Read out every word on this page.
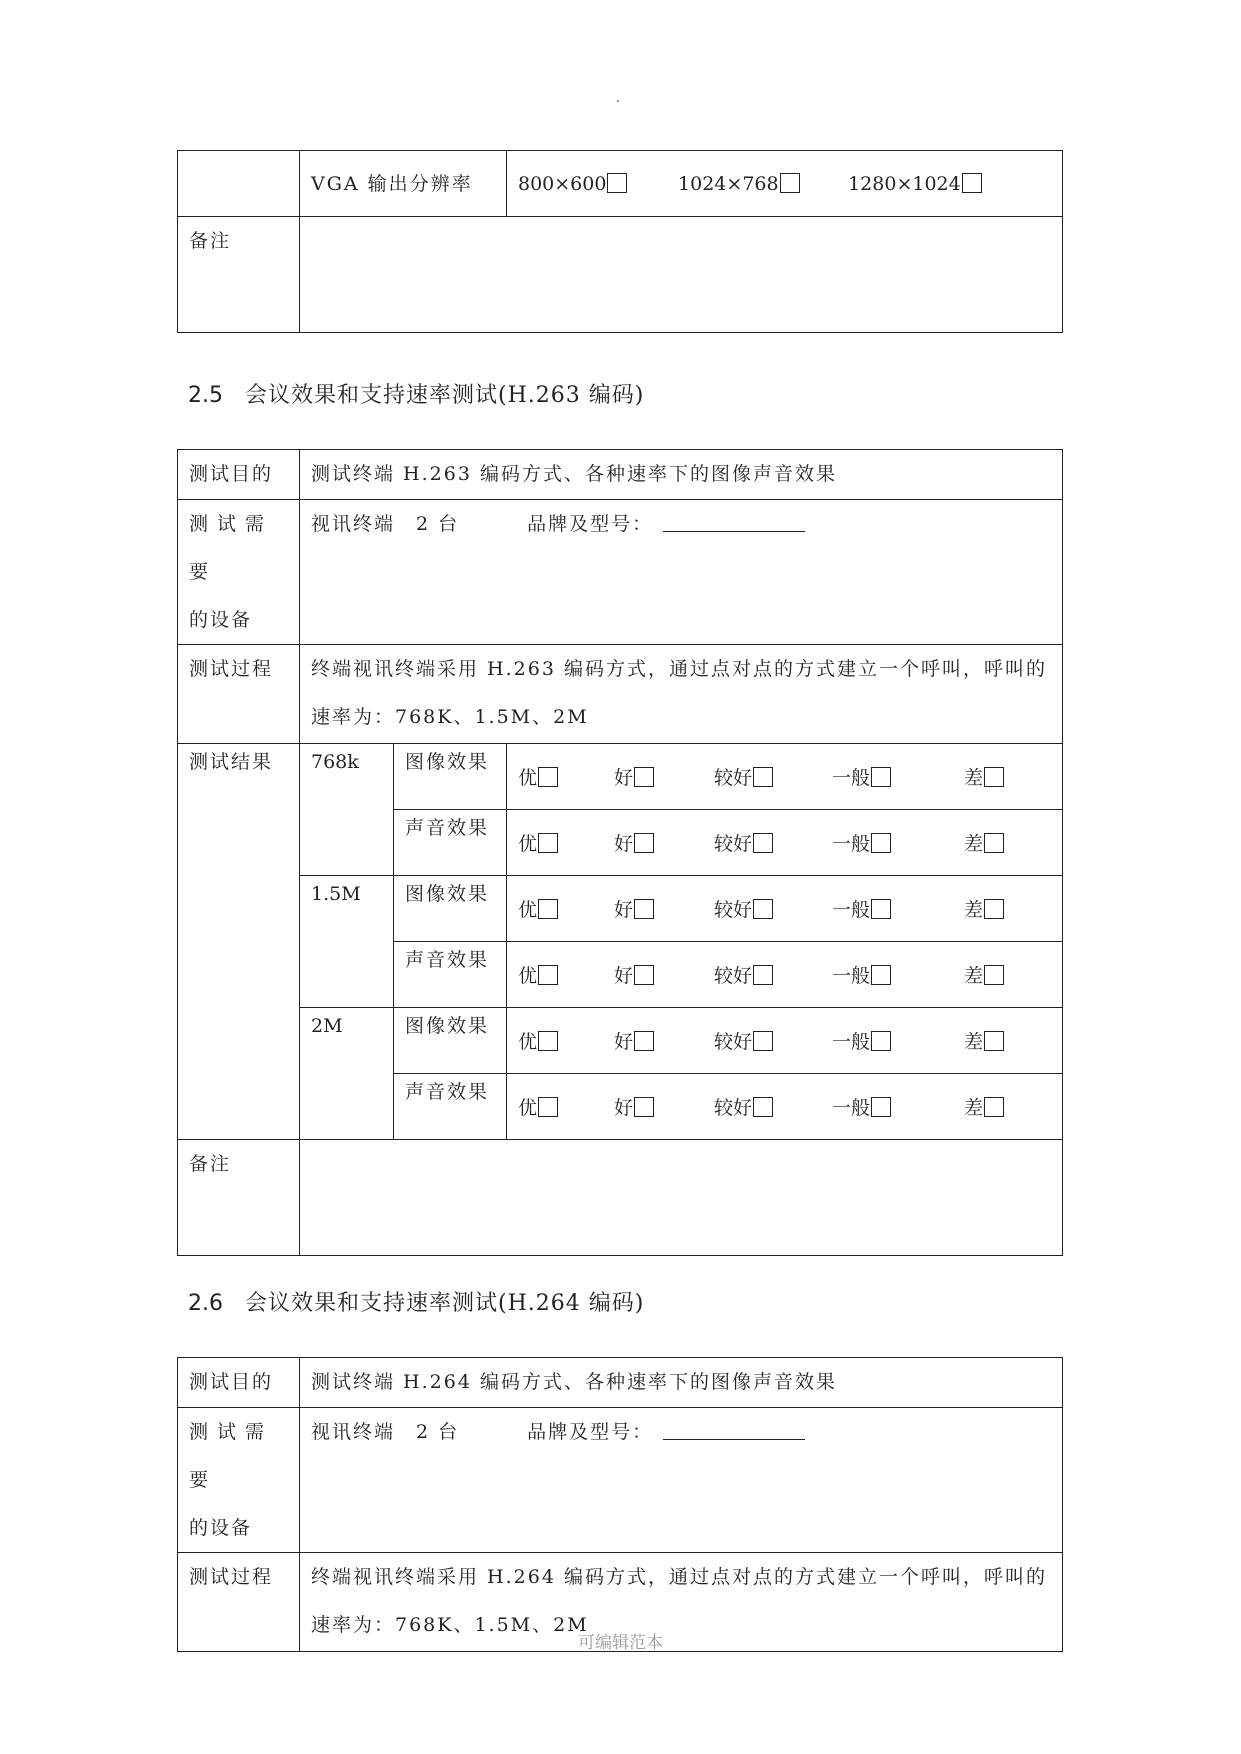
	VGA 输出分辨率	800×600 1024×768 1280×1024
备注		
2.5 会议效果和支持速率测试(H.263 编码)
测试目的	测试终端 H.263 编码方式、各种速率下的图像声音效果		
测试需要
的设备	视讯终端　2 台 品牌及型号：		
测试过程	终端视讯终端采用 H.263 编码方式，通过点对点的方式建立一个呼叫，呼叫的
速率为：768K、1.5M、2M		
测试结果	768k	图像效果	优 好 较好 一般 差
		声音效果	优 好 较好 一般 差
	1.5M	图像效果	优 好 较好 一般 差
		声音效果	优 好 较好 一般 差
	2M	图像效果	优 好 较好 一般 差
		声音效果	优 好 较好 一般 差
备注			
2.6 会议效果和支持速率测试(H.264 编码)
测试目的	测试终端 H.264 编码方式、各种速率下的图像声音效果
测试需要
的设备	视讯终端　2 台 品牌及型号：
测试过程	终端视讯终端采用 H.264 编码方式，通过点对点的方式建立一个呼叫，呼叫的
速率为：768K、1.5M、2M
可编辑范本
